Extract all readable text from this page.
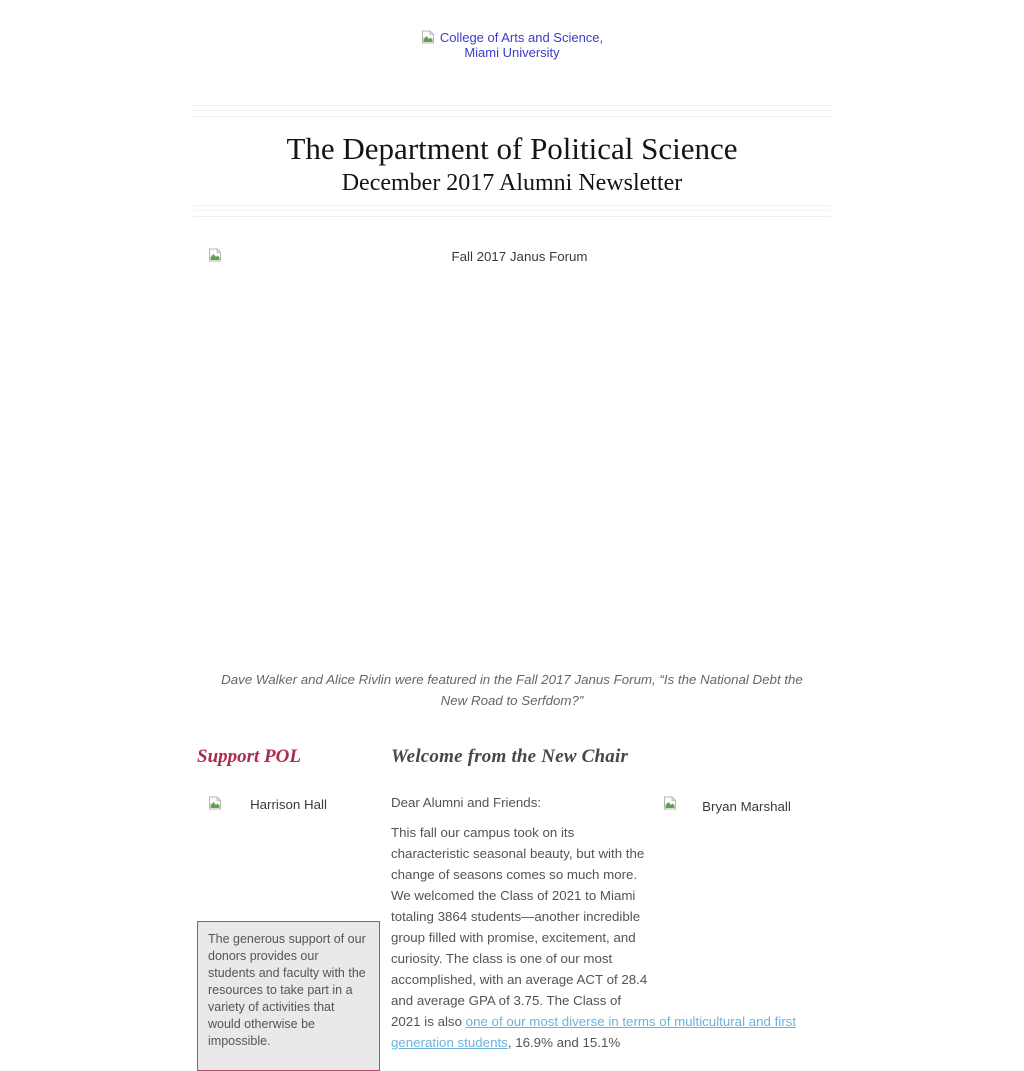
College of Arts and Science,
Miami University
The Department of Political Science
December 2017 Alumni Newsletter
Fall 2017 Janus Forum
Dave Walker and Alice Rivlin were featured in the Fall 2017 Janus Forum, “Is the National Debt the New Road to Serfdom?”
Support POL
Harrison Hall
The generous support of our donors provides our students and faculty with the resources to take part in a variety of activities that would otherwise be impossible.
Welcome from the New Chair
Bryan Marshall

Dear Alumni and Friends:

This fall our campus took on its characteristic seasonal beauty, but with the change of seasons comes so much more. We welcomed the Class of 2021 to Miami totaling 3864 students—another incredible group filled with promise, excitement, and curiosity. The class is one of our most accomplished, with an average ACT of 28.4 and average GPA of 3.75. The Class of 2021 is also one of our most diverse in terms of multicultural and first generation students, 16.9% and 15.1%
